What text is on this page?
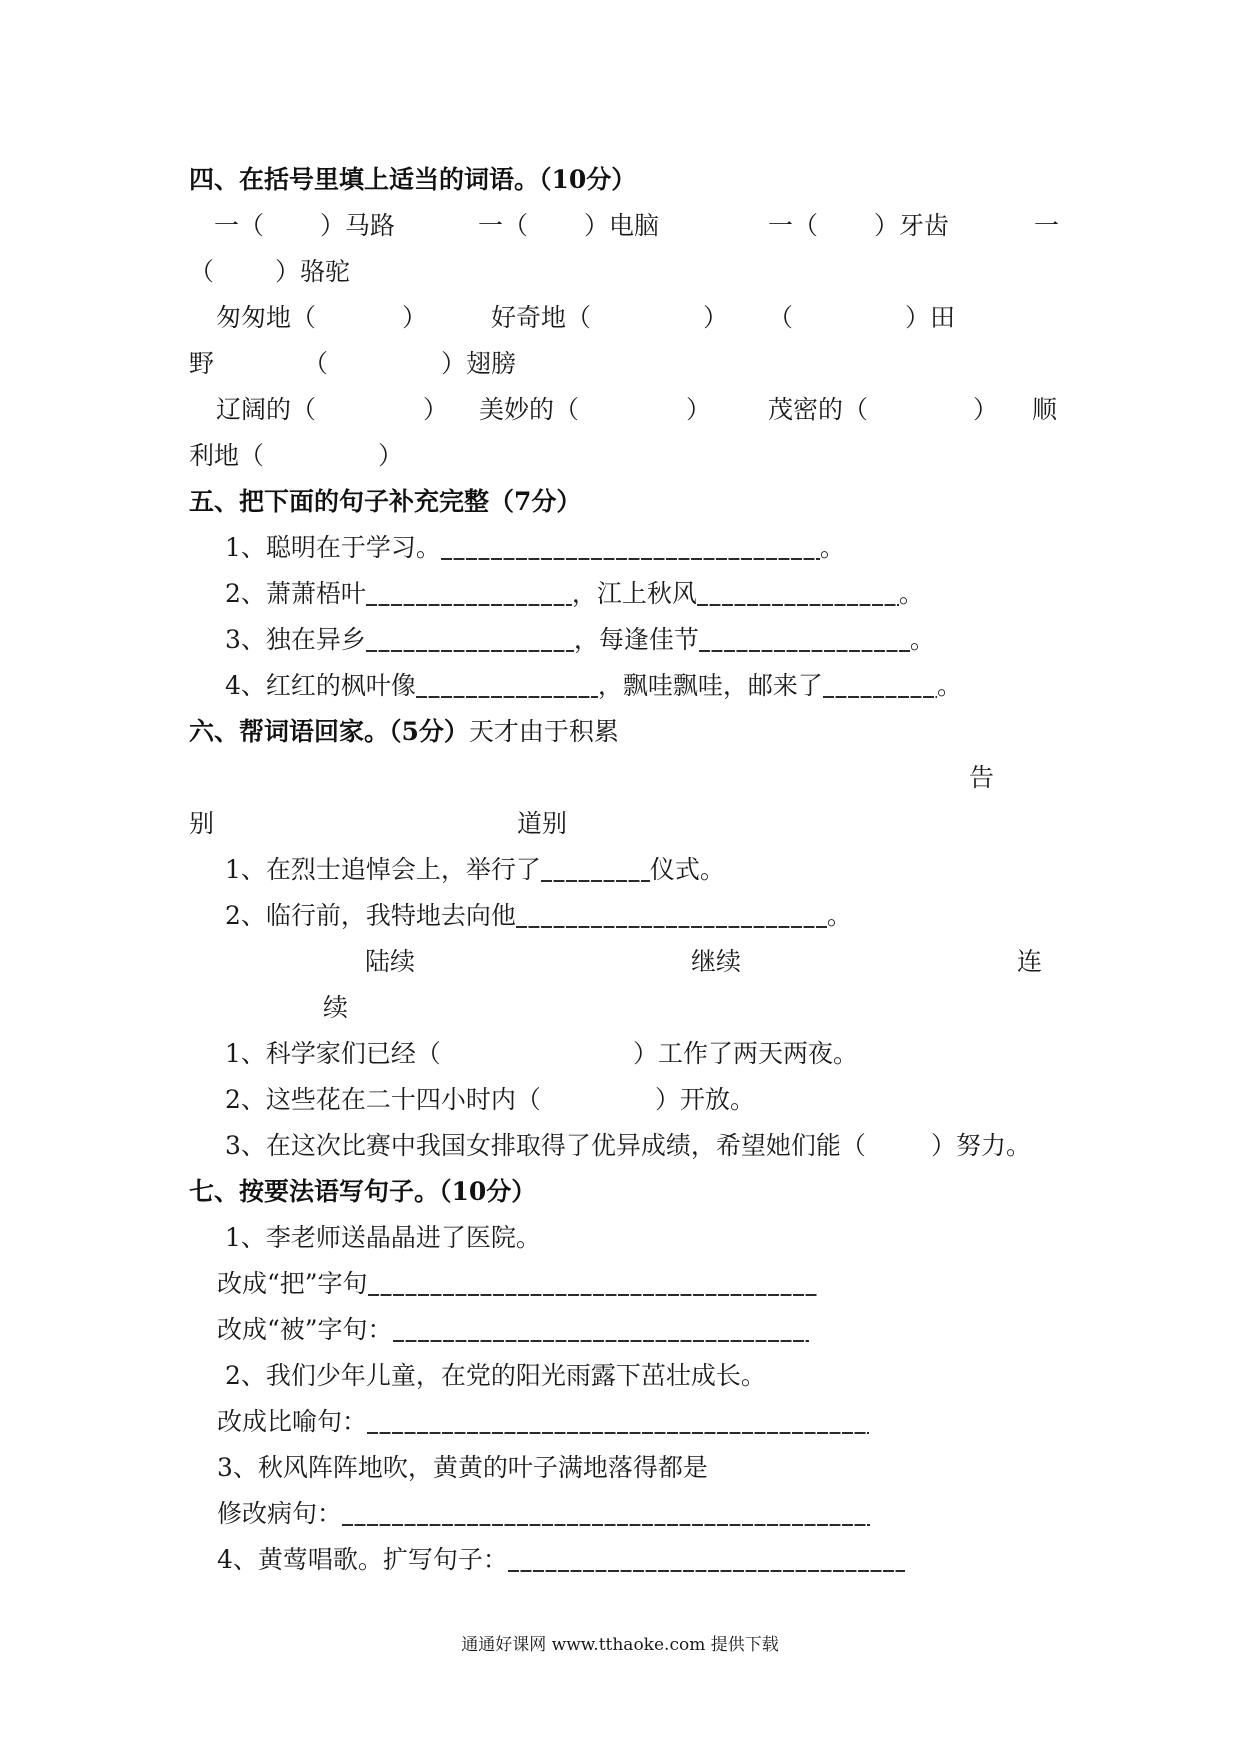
四、在括号里填上适当的词语。（10分）
一（ ）马路	一（ ）电脑	一（ ）牙齿	一
（ ）骆驼
匆匆地（	）	好奇地（	） （	）田
野	（	）翅膀
辽阔的（	） 美妙的（	） 茂密的（	） 顺
利地（	）
五、把下面的句子补充完整（7分）
1、聪明在于学习。	。
2、萧萧梧叶	，江上秋风	。
3、独在异乡	，每逢佳节	。
4、红红的枫叶像	，飘哇飘哇，邮来了	。
六、帮词语回家。（5分）天才由于积累
告
别	道别
1、在烈士追悼会上，举行了	仪式。
2、临行前，我特地去向他	。
陆续	继续	连
续
1、科学家们已经（	）工作了两天两夜。
2、这些花在二十四小时内（	）开放。
3、在这次比赛中我国女排取得了优异成绩，希望她们能（	）努力。
七、按要法语写句子。（10分）
1、李老师送晶晶进了医院。
改成“把”字句
改成“被”字句：
2、我们少年儿童，在党的阳光雨露下茁壮成长。
改成比喻句：
3、秋风阵阵地吹，黄黄的叶子满地落得都是
修改病句：
4、黄莺唱歌。扩写句子：
通通好课网 www.tthaoke.com 提供下载
